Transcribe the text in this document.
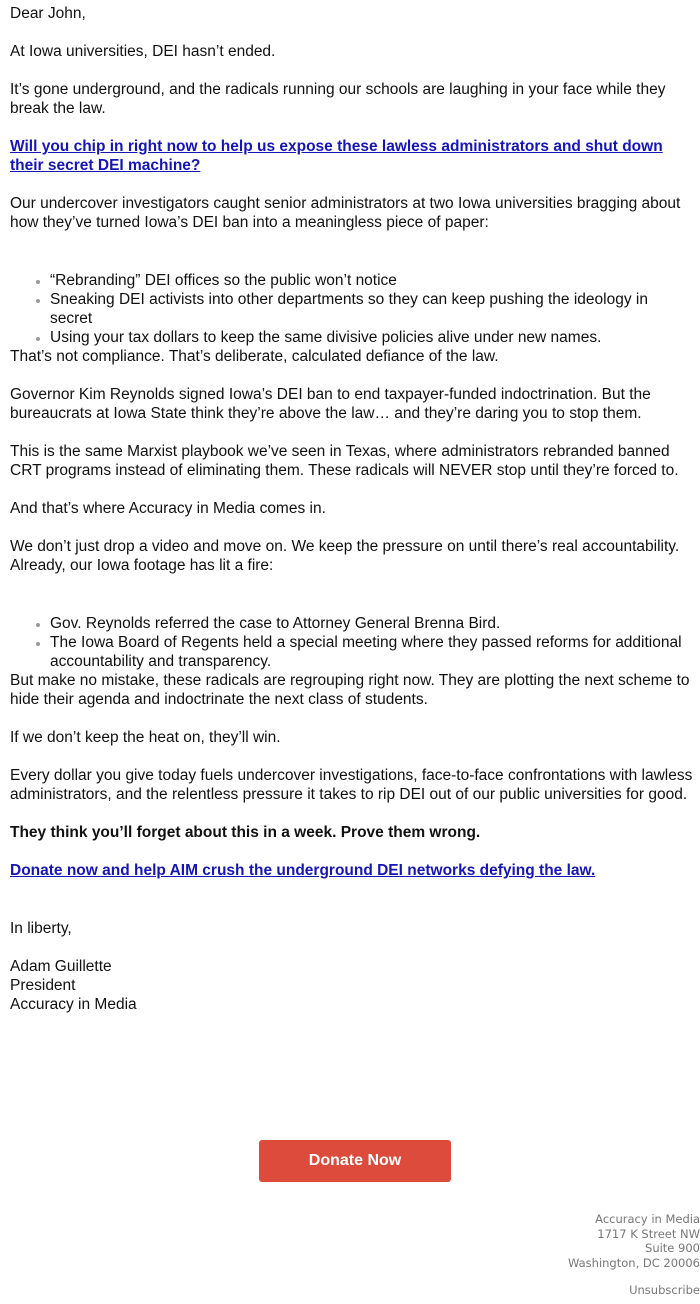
Dear John,

At Iowa universities, DEI hasn’t ended.

It’s gone underground, and the radicals running our schools are laughing in your face while they break the law.

Will you chip in right now to help us expose these lawless administrators and shut down their secret DEI machine?

Our undercover investigators caught senior administrators at two Iowa universities bragging about how they’ve turned Iowa’s DEI ban into a meaningless piece of paper:

• “Rebranding” DEI offices so the public won’t notice
• Sneaking DEI activists into other departments so they can keep pushing the ideology in secret
• Using your tax dollars to keep the same divisive policies alive under new names.

That’s not compliance. That’s deliberate, calculated defiance of the law.

Governor Kim Reynolds signed Iowa’s DEI ban to end taxpayer-funded indoctrination. But the bureaucrats at Iowa State think they’re above the law… and they’re daring you to stop them.

This is the same Marxist playbook we’ve seen in Texas, where administrators rebranded banned CRT programs instead of eliminating them. These radicals will NEVER stop until they’re forced to.

And that’s where Accuracy in Media comes in.

We don’t just drop a video and move on. We keep the pressure on until there’s real accountability. Already, our Iowa footage has lit a fire:

• Gov. Reynolds referred the case to Attorney General Brenna Bird.
• The Iowa Board of Regents held a special meeting where they passed reforms for additional accountability and transparency.

But make no mistake, these radicals are regrouping right now. They are plotting the next scheme to hide their agenda and indoctrinate the next class of students.

If we don’t keep the heat on, they’ll win.

Every dollar you give today fuels undercover investigations, face-to-face confrontations with lawless administrators, and the relentless pressure it takes to rip DEI out of our public universities for good.

They think you’ll forget about this in a week. Prove them wrong.

Donate now and help AIM crush the underground DEI networks defying the law.

In liberty,

Adam Guillette
President
Accuracy in Media
Donate Now
Accuracy in Media
1717 K Street NW
Suite 900
Washington, DC 20006
Unsubscribe
